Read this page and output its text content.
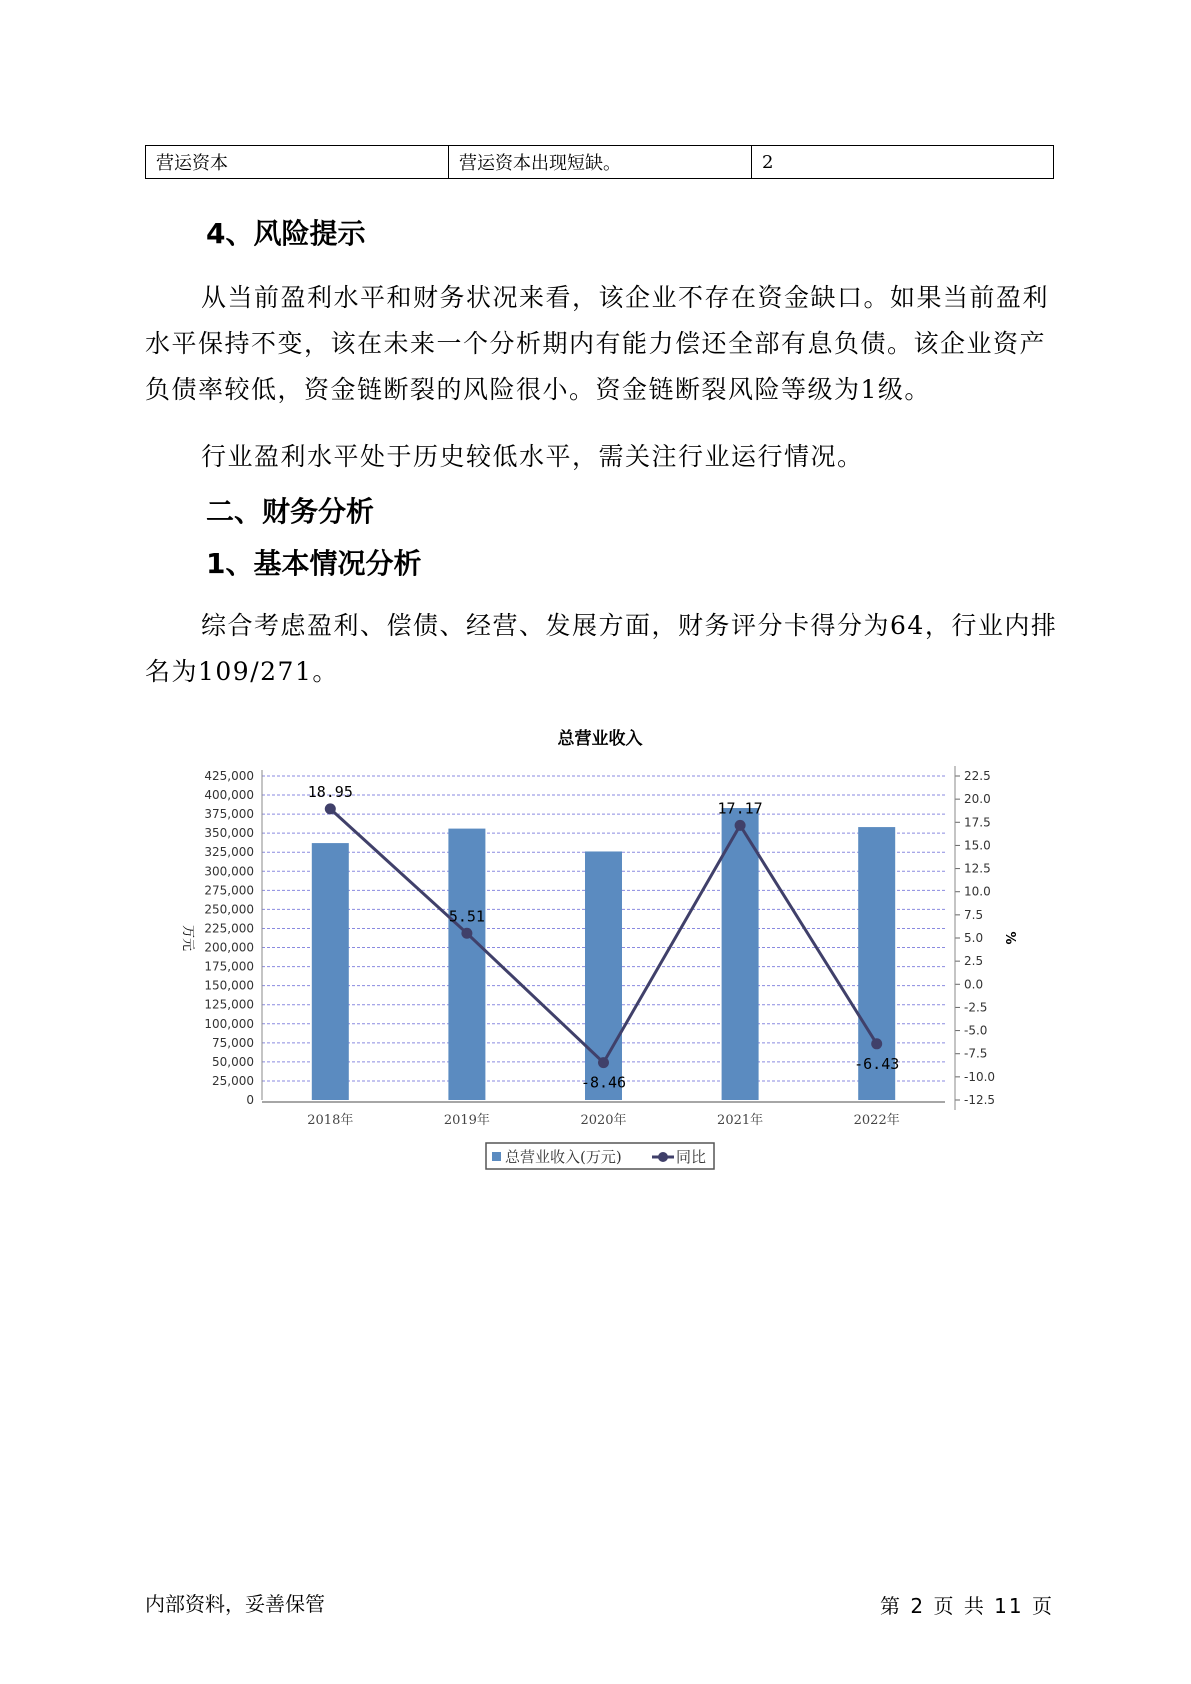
营运资本	营运资本出现短缺。	2
4、风险提示

从当前盈利水平和财务状况来看，该企业不存在资金缺口。如果当前盈利水平保持不变，该在未来一个分析期内有能力偿还全部有息负债。该企业资产负债率较低，资金链断裂的风险很小。资金链断裂风险等级为1级。

行业盈利水平处于历史较低水平，需关注行业运行情况。

二、财务分析
1、基本情况分析

综合考虑盈利、偿债、经营、发展方面，财务评分卡得分为64，行业内排名为109/271。

总营业收入
18.95
5.51
-8.46
17.17
-6.43
425,000
400,000
375,000
350,000
325,000
300,000
275,000
250,000
225,000
200,000
175,000
150,000
125,000
100,000
75,000
50,000
25,000
0
22.5
20.0
17.5
15.0
12.5
10.0
7.5
5.0
2.5
0.0
-2.5
-5.0
-7.5
-10.0
-12.5
2018年	2019年	2020年	2021年	2022年
万元	%
总营业收入(万元)	同比
内部资料，妥善保管	第 2 页 共 11 页
